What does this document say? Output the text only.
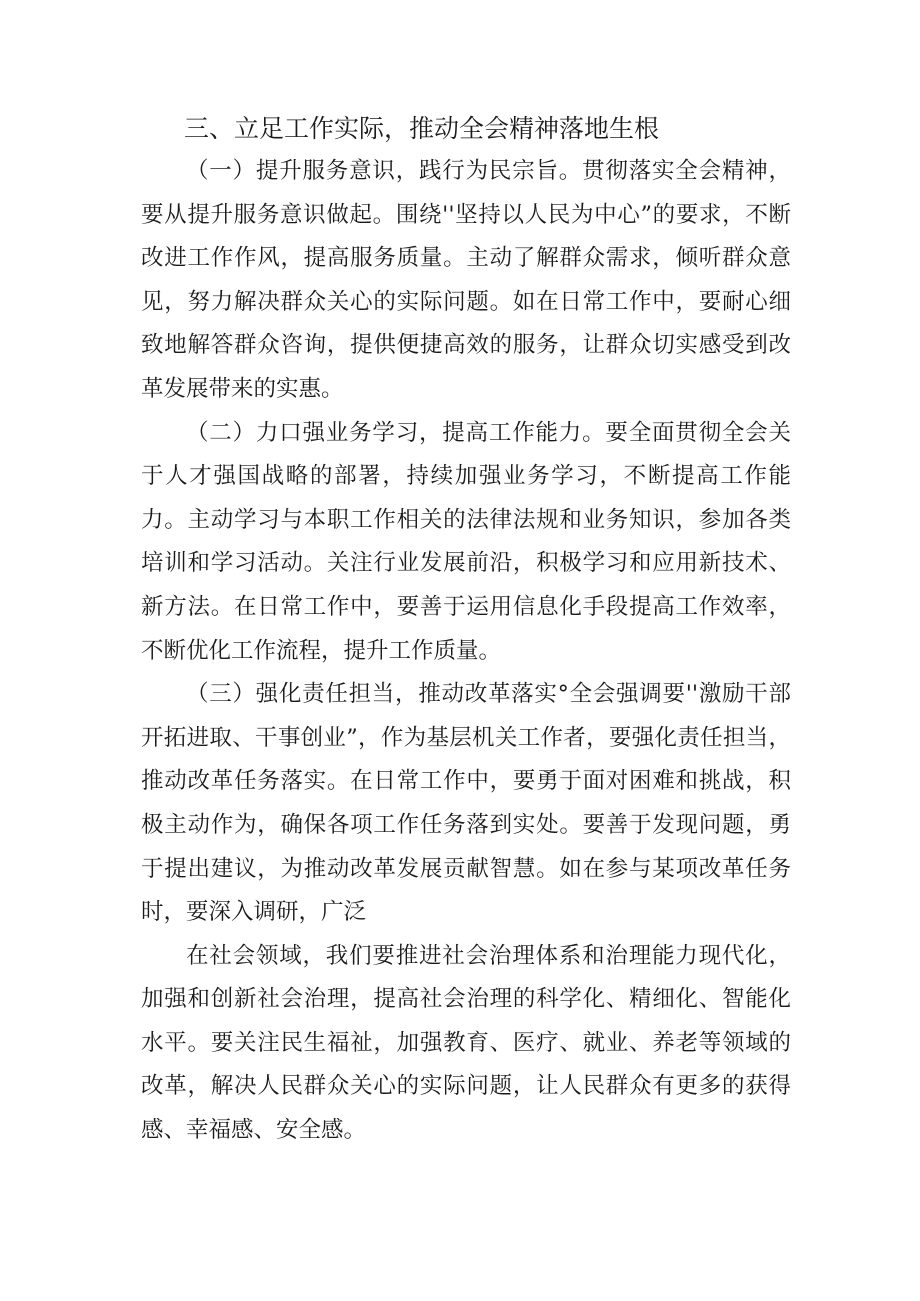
三、立足工作实际，推动全会精神落地生根

（一）提升服务意识，践行为民宗旨。贯彻落实全会精神，要从提升服务意识做起。围绕''坚持以人民为中心”的要求，不断改进工作作风，提高服务质量。主动了解群众需求，倾听群众意见，努力解决群众关心的实际问题。如在日常工作中，要耐心细致地解答群众咨询，提供便捷高效的服务，让群众切实感受到改革发展带来的实惠。

（二）力口强业务学习，提高工作能力。要全面贯彻全会关于人才强国战略的部署，持续加强业务学习，不断提高工作能力。主动学习与本职工作相关的法律法规和业务知识，参加各类培训和学习活动。关注行业发展前沿，积极学习和应用新技术、新方法。在日常工作中，要善于运用信息化手段提高工作效率，不断优化工作流程，提升工作质量。

（三）强化责任担当，推动改革落实°全会强调要''激励干部开拓进取、干事创业”，作为基层机关工作者，要强化责任担当，推动改革任务落实。在日常工作中，要勇于面对困难和挑战，积极主动作为，确保各项工作任务落到实处。要善于发现问题，勇于提出建议，为推动改革发展贡献智慧。如在参与某项改革任务时，要深入调研，广泛

在社会领域，我们要推进社会治理体系和治理能力现代化，加强和创新社会治理，提高社会治理的科学化、精细化、智能化水平。要关注民生福祉，加强教育、医疗、就业、养老等领域的改革，解决人民群众关心的实际问题，让人民群众有更多的获得感、幸福感、安全感。
